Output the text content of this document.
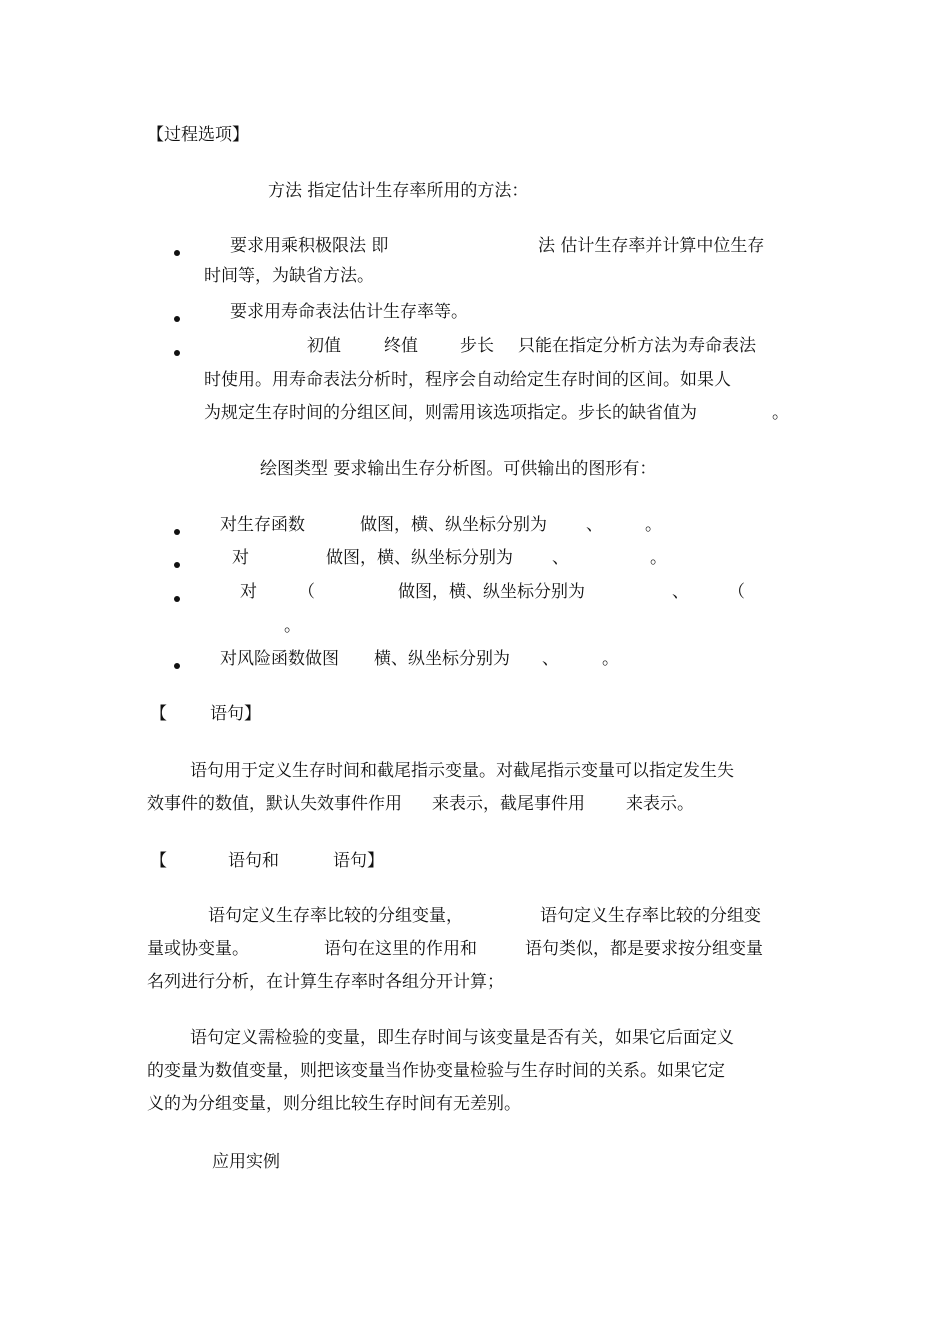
【过程选项】
方法 指定估计生存率所用的方法：
要求用乘积极限法 即	法 估计生存率并计算中位生存
时间等，为缺省方法。
要求用寿命表法估计生存率等。
初值	终值 步长 只能在指定分析方法为寿命表法
时使用。用寿命表法分析时，程序会自动给定生存时间的区间。如果人
为规定生存时间的分组区间，则需用该选项指定。步长的缺省值为	。
绘图类型 要求输出生存分析图。可供输出的图形有：
对生存函数	做图，横、纵坐标分别为 、 。
对	做图，横、纵坐标分别为 、	。
对 （	做图，横、纵坐标分别为	、 （
。
对风险函数做图 横、纵坐标分别为 、	。
【	语句】
语句用于定义生存时间和截尾指示变量。对截尾指示变量可以指定发生失
效事件的数值，默认失效事件作用 来表示，截尾事件用 来表示。
【	语句和	语句】
语句定义生存率比较的分组变量，	语句定义生存率比较的分组变
量或协变量。	语句在这里的作用和	语句类似，都是要求按分组变量
名列进行分析，在计算生存率时各组分开计算；
语句定义需检验的变量，即生存时间与该变量是否有关，如果它后面定义
的变量为数值变量，则把该变量当作协变量检验与生存时间的关系。如果它定
义的为分组变量，则分组比较生存时间有无差别。
应用实例
